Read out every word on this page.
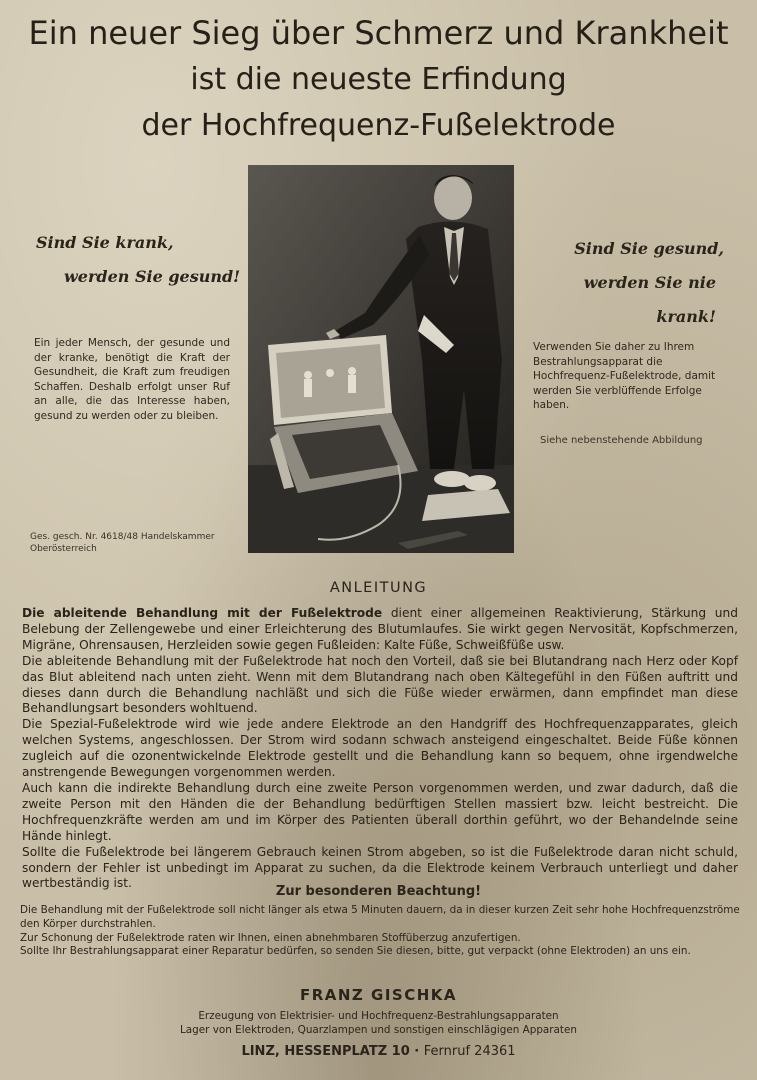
Ein neuer Sieg über Schmerz und Krankheit
ist die neueste Erfindung
der Hochfrequenz-Fußelektrode
Sind Sie krank,
werden Sie gesund!
Sind Sie gesund,
werden Sie nie krank!

Ein jeder Mensch, der gesunde und der kranke, benötigt die Kraft der Gesundheit, die Kraft zum freudigen Schaffen. Deshalb erfolgt unser Ruf an alle, die das Interesse haben, gesund zu werden oder zu bleiben.

Verwenden Sie daher zu Ihrem Bestrahlungsapparat die Hochfrequenz-Fußelektrode, damit werden Sie verblüffende Erfolge haben.

Siehe nebenstehende Abbildung

Ges. gesch. Nr. 4618/48 Handelskammer Oberösterreich

ANLEITUNG

Die ableitende Behandlung mit der Fußelektrode dient einer allgemeinen Reaktivierung, Stärkung und Belebung der Zellengewebe und einer Erleichterung des Blutumlaufes. Sie wirkt gegen Nervosität, Kopfschmerzen, Migräne, Ohrensausen, Herzleiden sowie gegen Fußleiden: Kalte Füße, Schweißfüße usw.

Die ableitende Behandlung mit der Fußelektrode hat noch den Vorteil, daß sie bei Blutandrang nach Herz oder Kopf das Blut ableitend nach unten zieht. Wenn mit dem Blutandrang nach oben Kältegefühl in den Füßen auftritt und dieses dann durch die Behandlung nachläßt und sich die Füße wieder erwärmen, dann empfindet man diese Behandlungsart besonders wohltuend.

Die Spezial-Fußelektrode wird wie jede andere Elektrode an den Handgriff des Hochfrequenzapparates, gleich welchen Systems, angeschlossen. Der Strom wird sodann schwach ansteigend eingeschaltet. Beide Füße können zugleich auf die ozonentwickelnde Elektrode gestellt und die Behandlung kann so bequem, ohne irgendwelche anstrengende Bewegungen vorgenommen werden.

Auch kann die indirekte Behandlung durch eine zweite Person vorgenommen werden, und zwar dadurch, daß die zweite Person mit den Händen die der Behandlung bedürftigen Stellen massiert bzw. leicht bestreicht. Die Hochfrequenzkräfte werden am und im Körper des Patienten überall dorthin geführt, wo der Behandelnde seine Hände hinlegt.

Sollte die Fußelektrode bei längerem Gebrauch keinen Strom abgeben, so ist die Fußelektrode daran nicht schuld, sondern der Fehler ist unbedingt im Apparat zu suchen, da die Elektrode keinem Verbrauch unterliegt und daher wertbeständig ist.

Zur besonderen Beachtung!

Die Behandlung mit der Fußelektrode soll nicht länger als etwa 5 Minuten dauern, da in dieser kurzen Zeit sehr hohe Hochfrequenzströme den Körper durchstrahlen.

Zur Schonung der Fußelektrode raten wir Ihnen, einen abnehmbaren Stoffüberzug anzufertigen.

Sollte Ihr Bestrahlungsapparat einer Reparatur bedürfen, so senden Sie diesen, bitte, gut verpackt (ohne Elektroden) an uns ein.

FRANZ GISCHKA

Erzeugung von Elektrisier- und Hochfrequenz-Bestrahlungsapparaten

Lager von Elektroden, Quarzlampen und sonstigen einschlägigen Apparaten

LINZ, HESSENPLATZ 10 · Fernruf 24361
